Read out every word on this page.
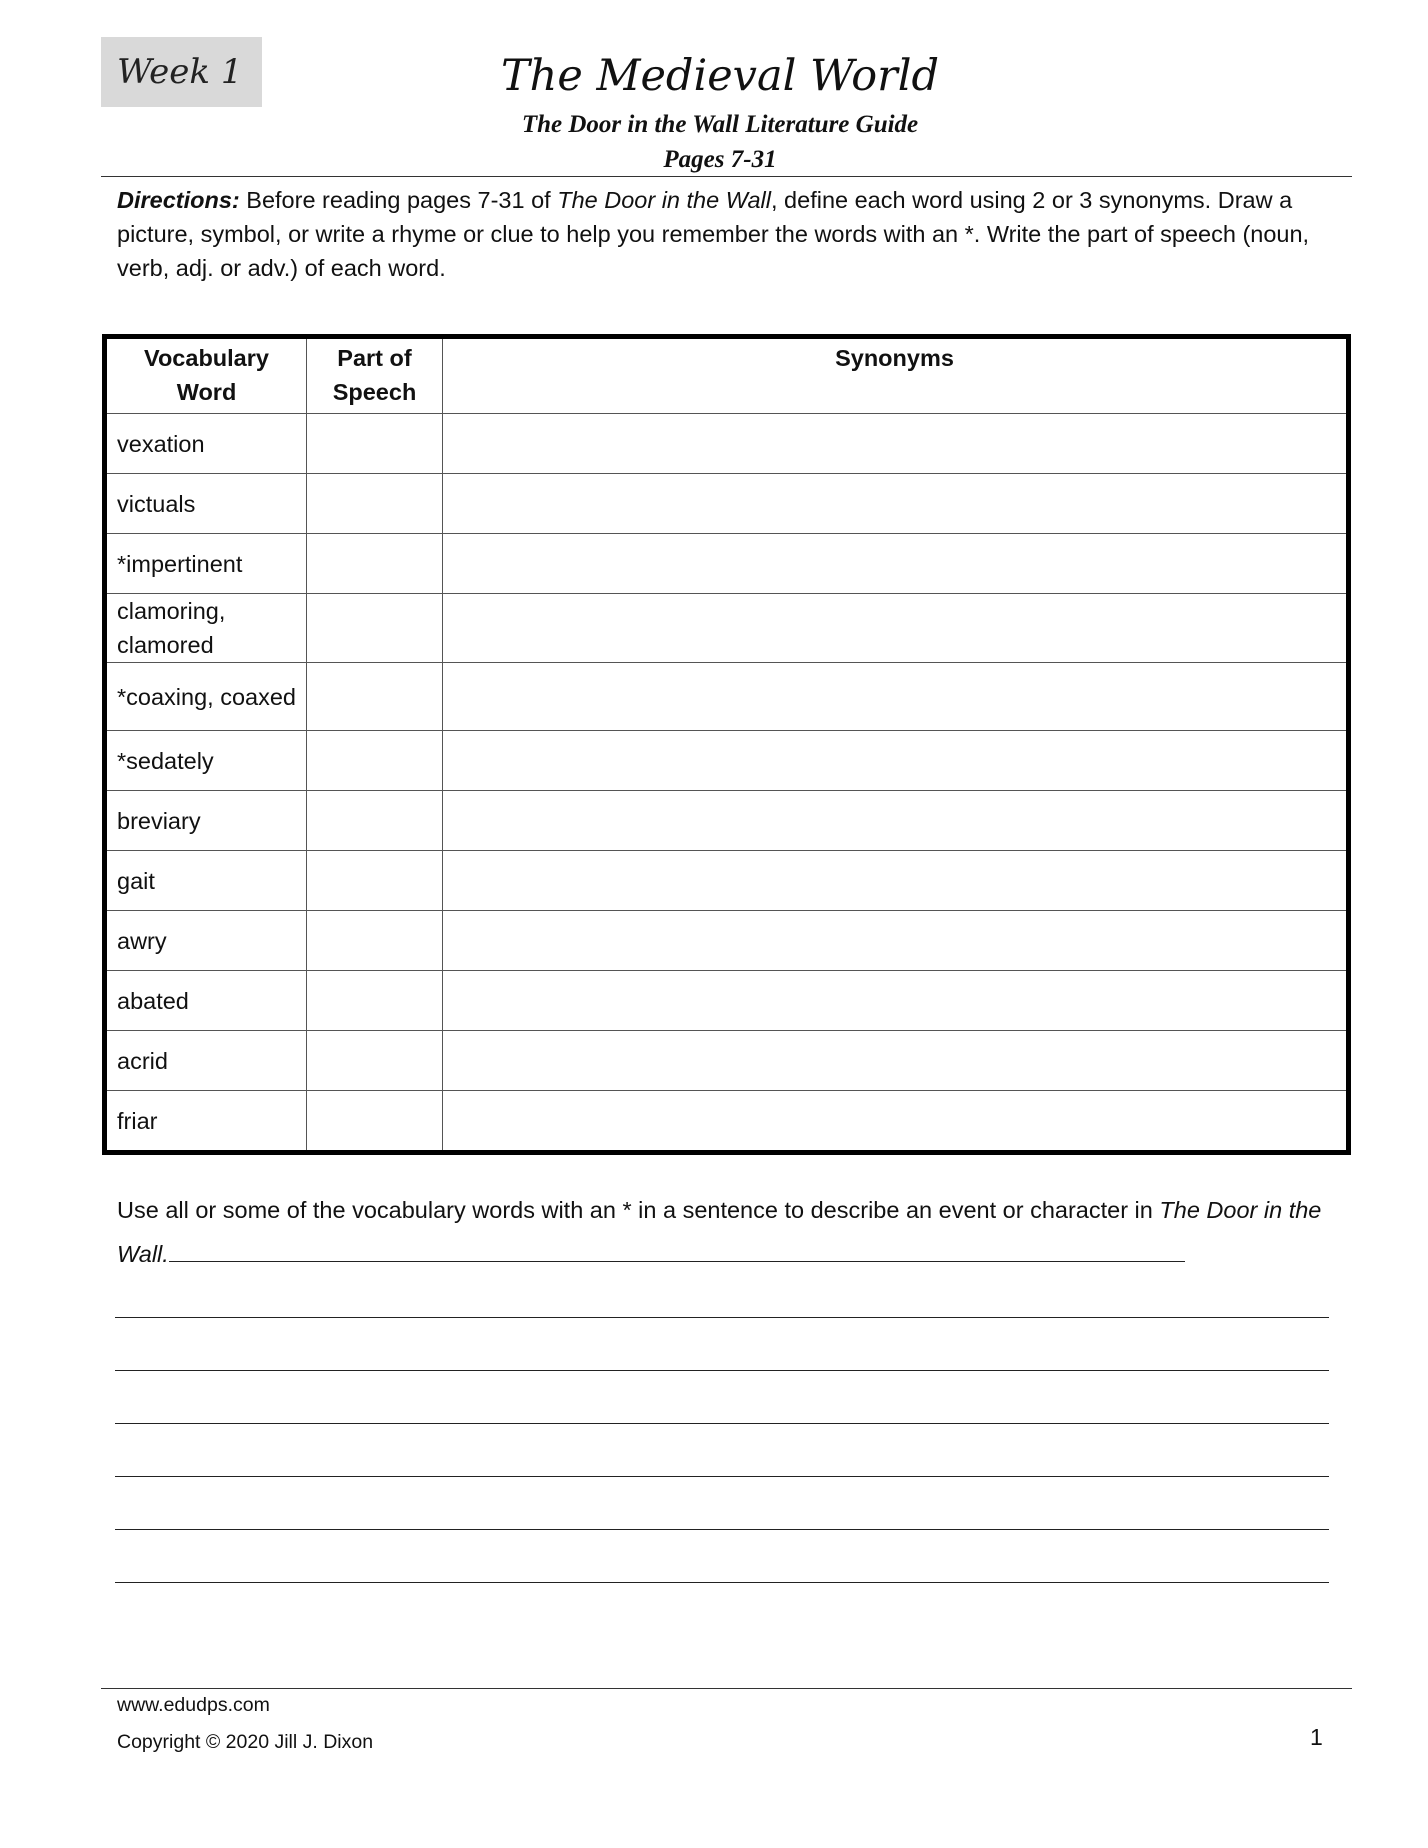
Week 1	The Medieval World
The Door in the Wall Literature Guide
Pages 7-31
Directions: Before reading pages 7-31 of The Door in the Wall, define each word using 2 or 3 synonyms. Draw a picture, symbol, or write a rhyme or clue to help you remember the words with an *. Write the part of speech (noun, verb, adj. or adv.) of each word.
Vocabulary Word	Part of Speech	Synonyms
vexation		
victuals		
*impertinent		
clamoring, clamored		
*coaxing, coaxed		
*sedately		
breviary		
gait		
awry		
abated		
acrid		
friar		
Use all or some of the vocabulary words with an * in a sentence to describe an event or character in The Door in the Wall.
www.edudps.com
Copyright © 2020 Jill J. Dixon	1
